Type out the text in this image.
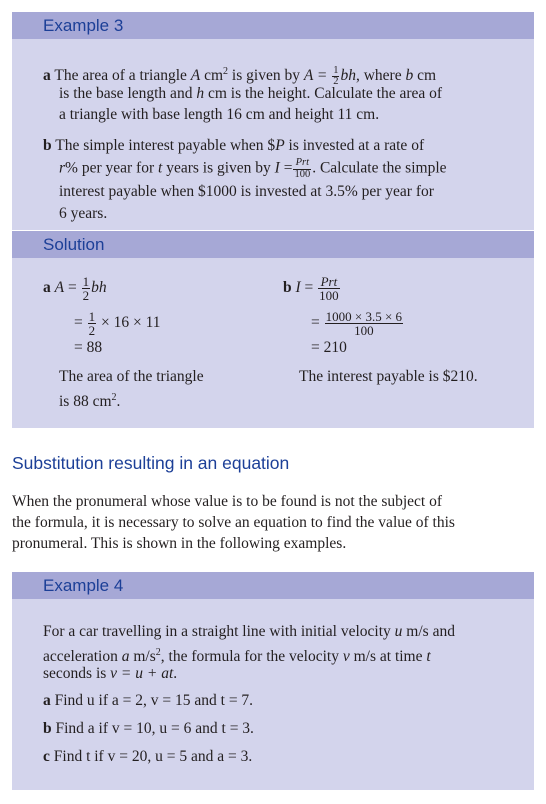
Example 3
a The area of a triangle A $cm^2$ is given by $A = \frac{1}{2}$ bh, where b cm
is the base length and h cm is the height. Calculate the area of
a triangle with base length 16 cm and height 11 cm.
b The simple interest payable when $P is invested at a rate of
r% per year for t years is given by $I = \frac{\text{Prt}}{100}$ . Calculate the simple
interest payable when $1000 is invested at 3.5% per year for
6 years.
Solution
a $A = \frac{1}{2}$ bh
= $\frac{1}{2} \times 16 \times 11$
= 88
The area of the triangle
is 88 $cm^2$.
b $I = \frac{\text{Prt}}{100}$
= $\frac{1000 \times 3.5 \times 6}{100}$
= 210
The interest payable is $210.
Substitution resulting in an equation
When the pronumeral whose value is to be found is not the subject of
the formula, it is necessary to solve an equation to find the value of this
pronumeral. This is shown in the following examples.
Example 4
For a car travelling in a straight line with initial velocity u m/s and
acceleration a $m/s^2$, the formula for the velocity v m/s at time t
seconds is v = u + at.
a Find u if a = 2, v = 15 and t = 7.
b Find a if v = 10, u = 6 and t = 3.
c Find t if v = 20, u = 5 and a = 3.
